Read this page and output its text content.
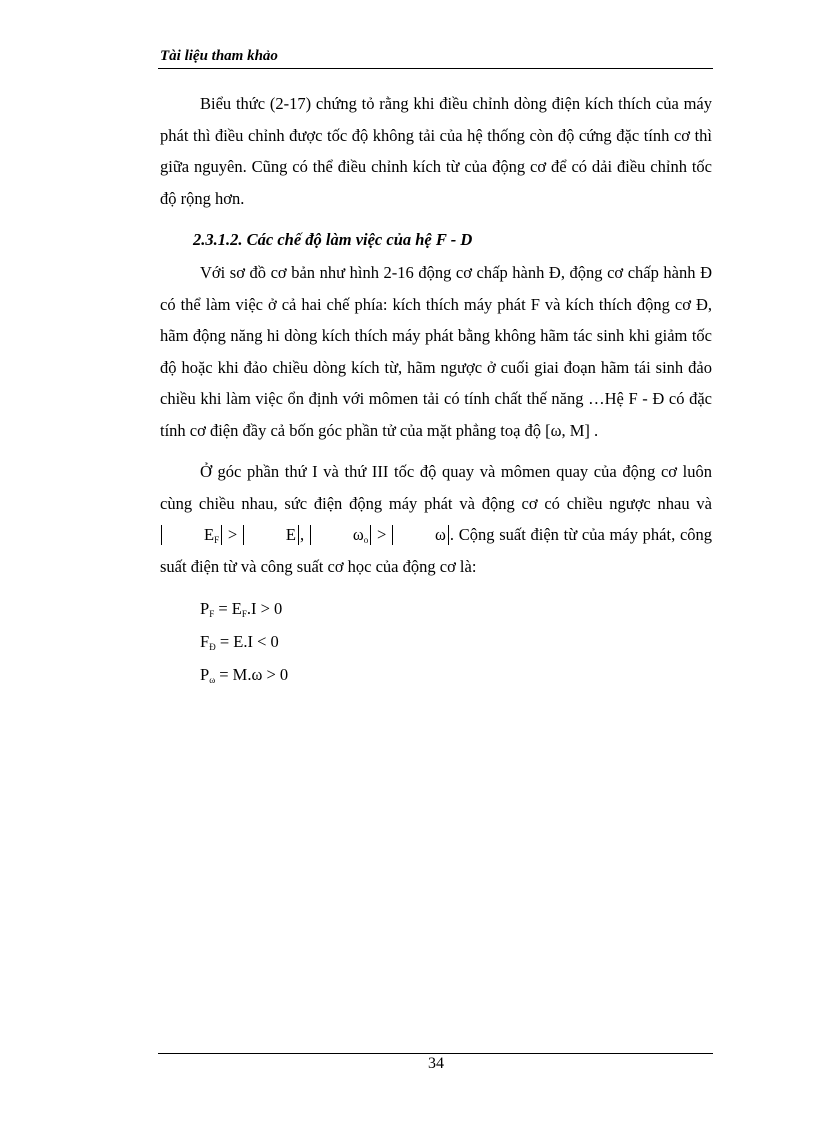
Tài liệu tham khảo

Biểu thức (2-17) chứng tỏ rằng khi điều chỉnh dòng điện kích thích của máy phát thì điều chỉnh được tốc độ không tải của hệ thống còn độ cứng đặc tính cơ thì giữa nguyên. Cũng có thể điều chỉnh kích từ của động cơ để có dải điều chỉnh tốc độ rộng hơn.

2.3.1.2. Các chế độ làm việc của hệ F - D

Với sơ đồ cơ bản như hình 2-16 động cơ chấp hành Đ, động cơ chấp hành Đ có thể làm việc ở cả hai chế phía: kích thích máy phát F và kích thích động cơ Đ, hãm động năng hi dòng kích thích máy phát bằng không hãm tác sinh khi giảm tốc độ hoặc khi đảo chiều dòng kích từ, hãm ngược ở cuối giai đoạn hãm tái sinh đảo chiều khi làm việc ổn định với mômen tải có tính chất thế năng …Hệ F - Đ có đặc tính cơ điện đầy cả bốn góc phần tử của mặt phẳng toạ độ [ω, M] .

Ở góc phần thứ I và thứ III tốc độ quay và mômen quay của động cơ luôn cùng chiều nhau, sức điện động máy phát và động cơ có chiều ngược nhau và $E_F$ >	E ,	$\omega_o$ >	ω . Cộng suất điện từ của máy phát, công suất điện từ và công suất cơ học của động cơ là:

$P_F = E_F.I > 0$

$F_Đ = E.I < 0$

$P_\omega = M.\omega > 0$

34
